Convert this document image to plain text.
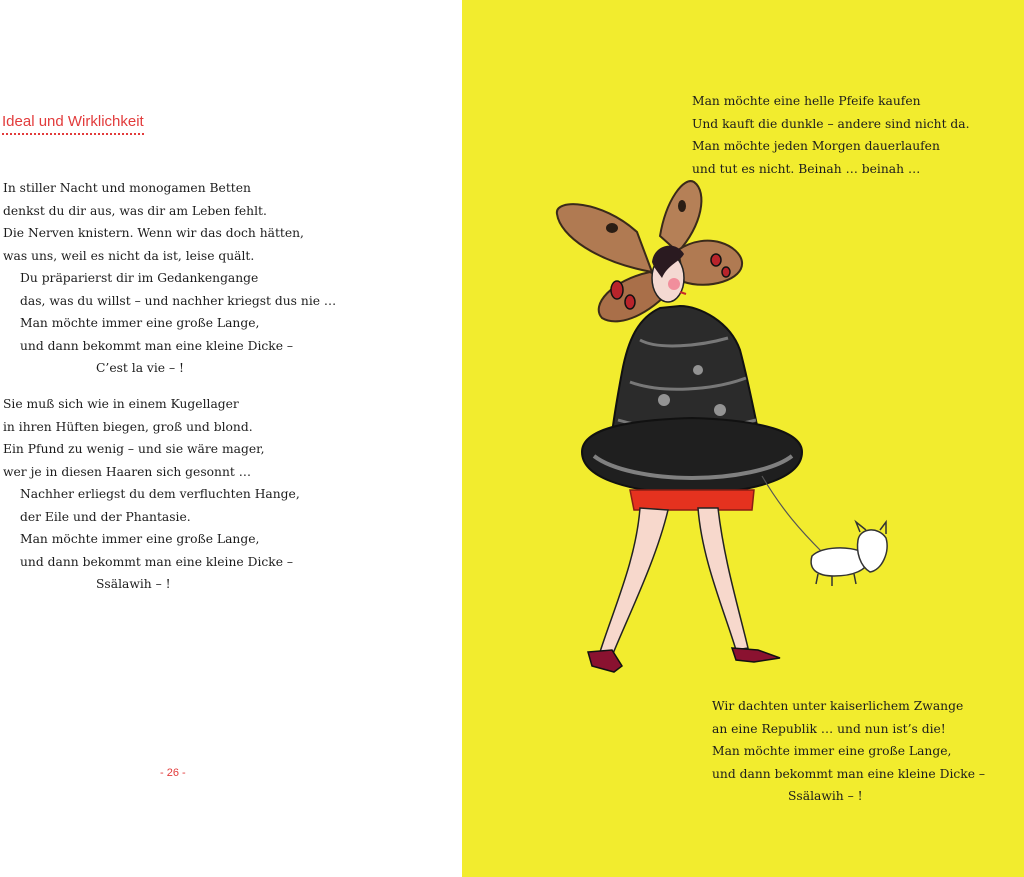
Ideal und Wirklichkeit
In stiller Nacht und monogamen Betten
denkst du dir aus, was dir am Leben fehlt.
Die Nerven knistern. Wenn wir das doch hätten,
was uns, weil es nicht da ist, leise quält.
Du präparierst dir im Gedankengange
das, was du willst – und nachher kriegst dus nie …
Man möchte immer eine große Lange,
und dann bekommt man eine kleine Dicke –
C’est la vie – !
Sie muß sich wie in einem Kugellager
in ihren Hüften biegen, groß und blond.
Ein Pfund zu wenig – und sie wäre mager,
wer je in diesen Haaren sich gesonnt …
Nachher erliegst du dem verfluchten Hange,
der Eile und der Phantasie.
Man möchte immer eine große Lange,
und dann bekommt man eine kleine Dicke –
Ssälawih – !
- 26 -
Man möchte eine helle Pfeife kaufen
Und kauft die dunkle – andere sind nicht da.
Man möchte jeden Morgen dauerlaufen
und tut es nicht. Beinah … beinah …
Wir dachten unter kaiserlichem Zwange
an eine Republik … und nun ist’s die!
Man möchte immer eine große Lange,
und dann bekommt man eine kleine Dicke –
Ssälawih – !
